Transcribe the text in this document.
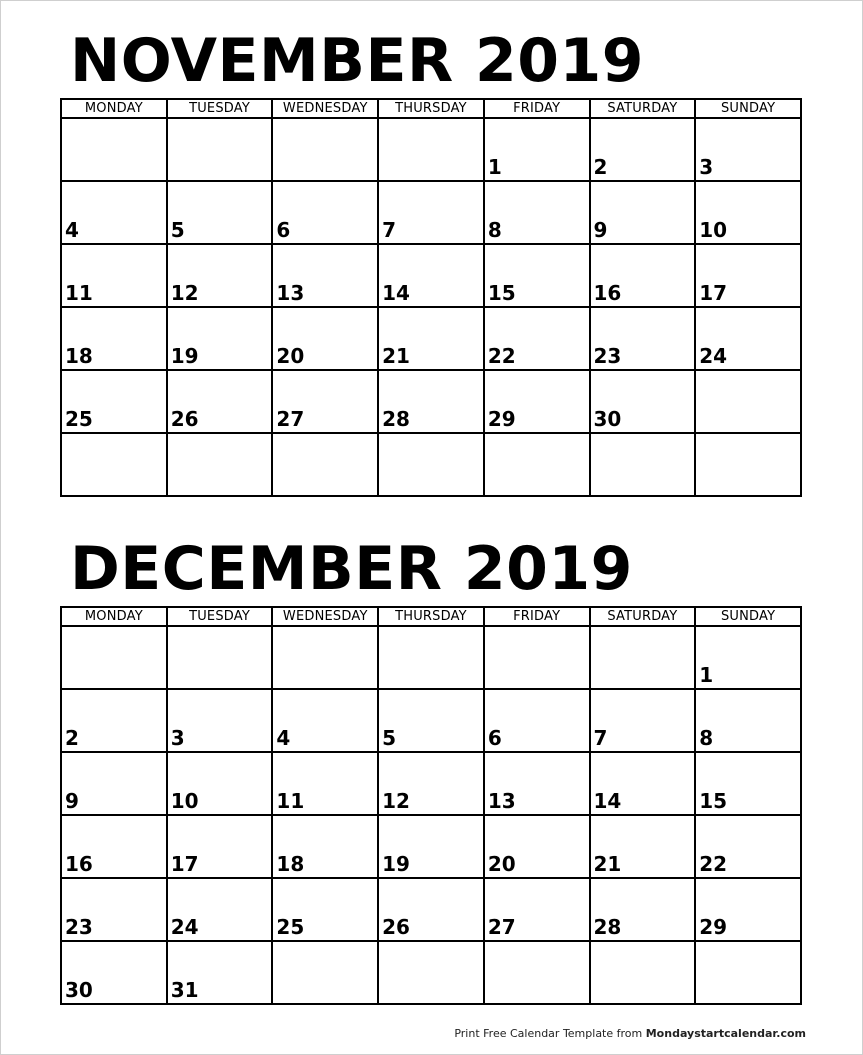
NOVEMBER 2019
MONDAY	TUESDAY	WEDNESDAY	THURSDAY	FRIDAY	SATURDAY	SUNDAY

				1	2	3

4	5	6	7	8	9	10

11	12	13	14	15	16	17

18	19	20	21	22	23	24

25	26	27	28	29	30	

DECEMBER 2019
MONDAY	TUESDAY	WEDNESDAY	THURSDAY	FRIDAY	SATURDAY	SUNDAY

						1

2	3	4	5	6	7	8

9	10	11	12	13	14	15

16	17	18	19	20	21	22

23	24	25	26	27	28	29

30	31					

Print Free Calendar Template from Mondaystartcalendar.com
